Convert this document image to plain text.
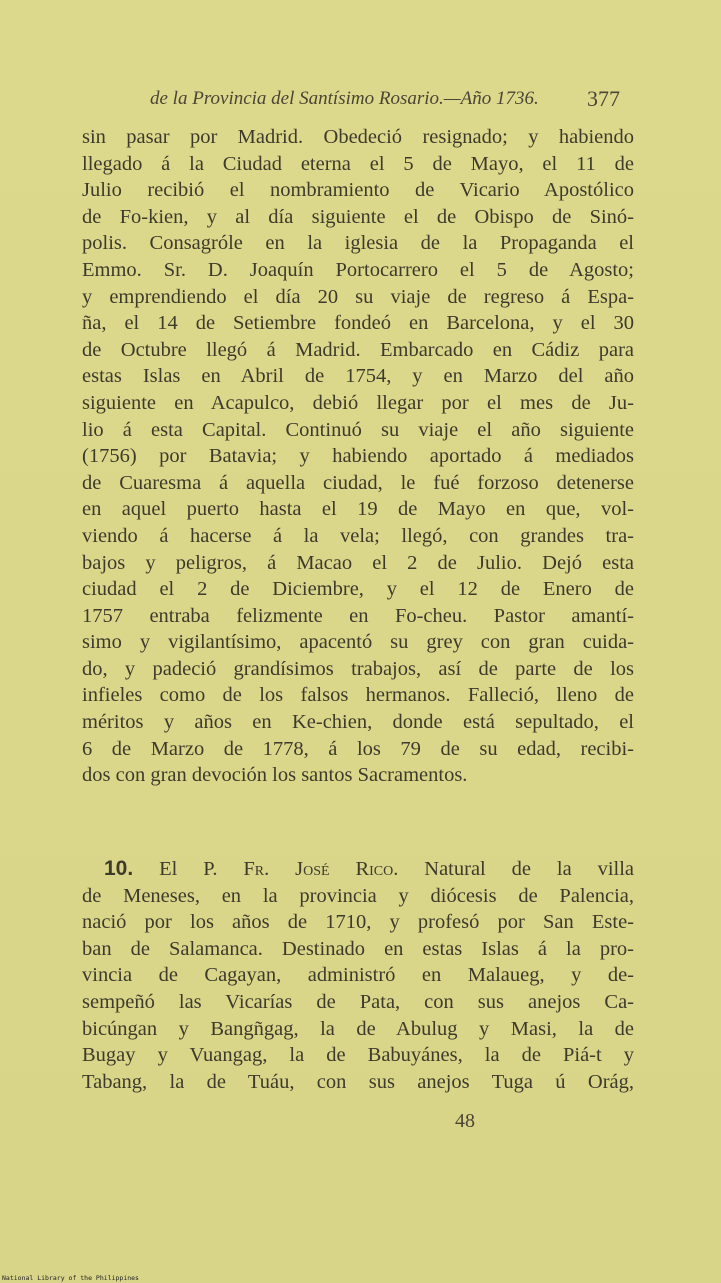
de la Provincia del Santísimo Rosario.—Año 1736. 377
sin pasar por Madrid. Obedeció resignado; y habiendo
llegado á la Ciudad eterna el 5 de Mayo, el 11 de
Julio recibió el nombramiento de Vicario Apostólico
de Fo-kien, y al día siguiente el de Obispo de Sinó-
polis. Consagróle en la iglesia de la Propaganda el
Emmo. Sr. D. Joaquín Portocarrero el 5 de Agosto;
y emprendiendo el día 20 su viaje de regreso á Espa-
ña, el 14 de Setiembre fondeó en Barcelona, y el 30
de Octubre llegó á Madrid. Embarcado en Cádiz para
estas Islas en Abril de 1754, y en Marzo del año
siguiente en Acapulco, debió llegar por el mes de Ju-
lio á esta Capital. Continuó su viaje el año siguiente
(1756) por Batavia; y habiendo aportado á mediados
de Cuaresma á aquella ciudad, le fué forzoso detenerse
en aquel puerto hasta el 19 de Mayo en que, vol-
viendo á hacerse á la vela; llegó, con grandes tra-
bajos y peligros, á Macao el 2 de Julio. Dejó esta
ciudad el 2 de Diciembre, y el 12 de Enero de
1757 entraba felizmente en Fo-cheu. Pastor amantí-
simo y vigilantísimo, apacentó su grey con gran cuida-
do, y padeció grandísimos trabajos, así de parte de los
infieles como de los falsos hermanos. Falleció, lleno de
méritos y años en Ke-chien, donde está sepultado, el
6 de Marzo de 1778, á los 79 de su edad, recibi-
dos con gran devoción los santos Sacramentos.
10. El P. Fr. José Rico. Natural de la villa
de Meneses, en la provincia y diócesis de Palencia,
nació por los años de 1710, y profesó por San Este-
ban de Salamanca. Destinado en estas Islas á la pro-
vincia de Cagayan, administró en Malaueg, y de-
sempeñó las Vicarías de Pata, con sus anejos Ca-
bicúngan y Bangñgag, la de Abulug y Masi, la de
Bugay y Vuangag, la de Babuyánes, la de Piá-t y
Tabang, la de Tuáu, con sus anejos Tuga ú Orág,
48
National Library of the Philippines
